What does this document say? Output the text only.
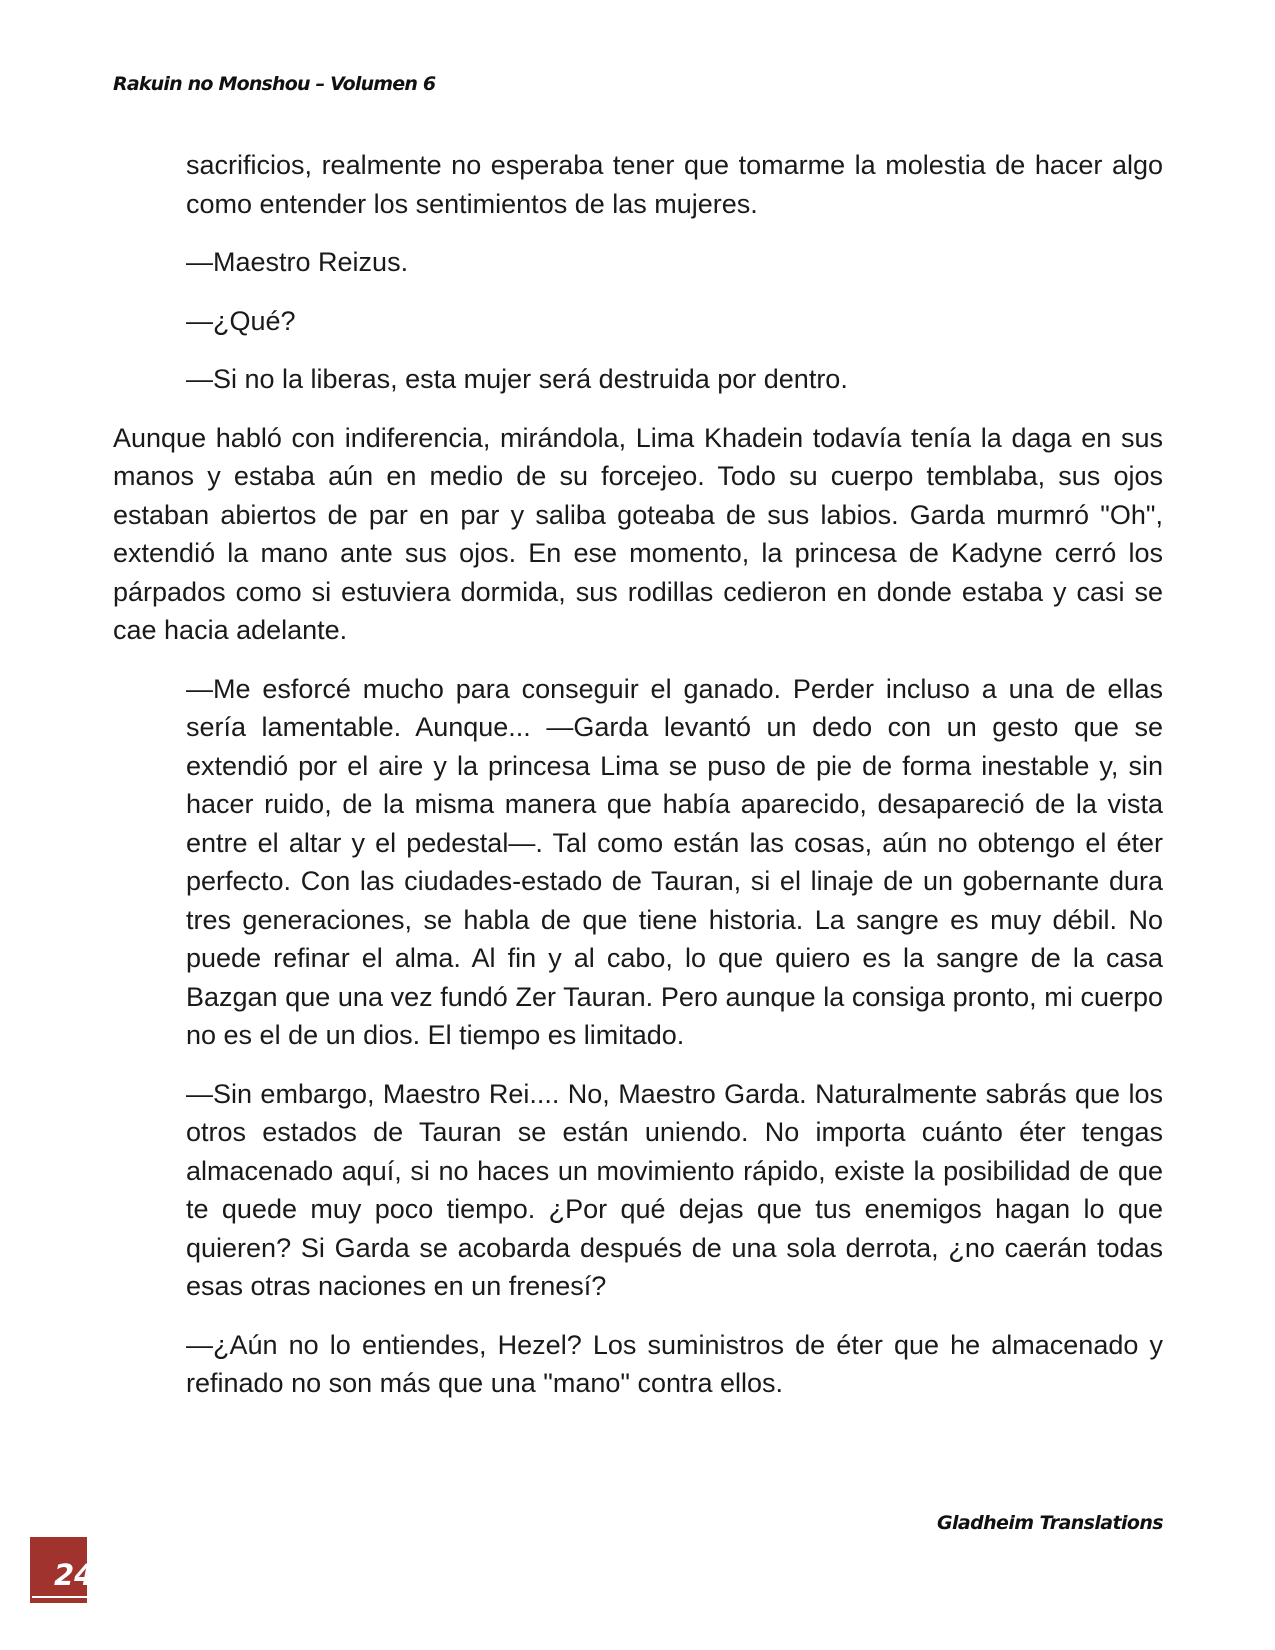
Rakuin no Monshou – Volumen 6

sacrificios, realmente no esperaba tener que tomarme la molestia de hacer algo como entender los sentimientos de las mujeres.

—Maestro Reizus.

—¿Qué?

—Si no la liberas, esta mujer será destruida por dentro.

Aunque habló con indiferencia, mirándola, Lima Khadein todavía tenía la daga en sus manos y estaba aún en medio de su forcejeo. Todo su cuerpo temblaba, sus ojos estaban abiertos de par en par y saliba goteaba de sus labios. Garda murmró "Oh", extendió la mano ante sus ojos. En ese momento, la princesa de Kadyne cerró los párpados como si estuviera dormida, sus rodillas cedieron en donde estaba y casi se cae hacia adelante.

—Me esforcé mucho para conseguir el ganado. Perder incluso a una de ellas sería lamentable. Aunque... —Garda levantó un dedo con un gesto que se extendió por el aire y la princesa Lima se puso de pie de forma inestable y, sin hacer ruido, de la misma manera que había aparecido, desapareció de la vista entre el altar y el pedestal—. Tal como están las cosas, aún no obtengo el éter perfecto. Con las ciudades-estado de Tauran, si el linaje de un gobernante dura tres generaciones, se habla de que tiene historia. La sangre es muy débil. No puede refinar el alma. Al fin y al cabo, lo que quiero es la sangre de la casa Bazgan que una vez fundó Zer Tauran. Pero aunque la consiga pronto, mi cuerpo no es el de un dios. El tiempo es limitado.

—Sin embargo, Maestro Rei.... No, Maestro Garda. Naturalmente sabrás que los otros estados de Tauran se están uniendo. No importa cuánto éter tengas almacenado aquí, si no haces un movimiento rápido, existe la posibilidad de que te quede muy poco tiempo. ¿Por qué dejas que tus enemigos hagan lo que quieren? Si Garda se acobarda después de una sola derrota, ¿no caerán todas esas otras naciones en un frenesí?

—¿Aún no lo entiendes, Hezel? Los suministros de éter que he almacenado y refinado no son más que una "mano" contra ellos.

Gladheim Translations
24
